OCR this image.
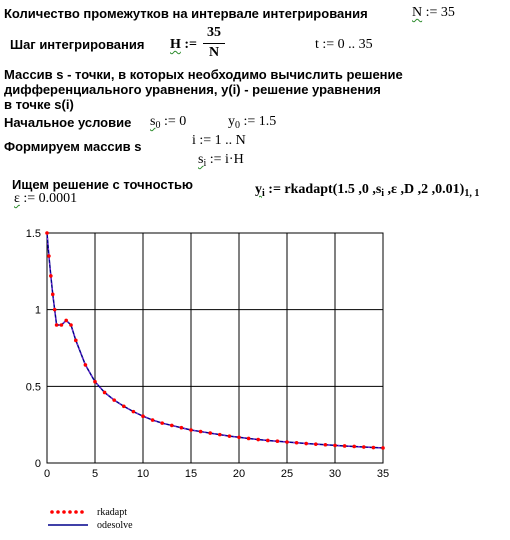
Количество промежутков на интервале интегрирования	N := 35
Шаг интегрирования H :=
35
N
t := 0 .. 35
Массив s - точки, в которых необходимо вычислить решение
дифференциального уравнения, y(i) - решение уравнения
в точке s(i)
Начальное условие $s_0$ := 0	$y_0$ := 1.5
Формируем массив s	i := 1 .. N
$s_i$ := i·H
Ищем решение с точностью
ε := 0.0001
$y_i$ := rkadapt(1.5 ,0 $,s_i$ ,ε ,D ,2 $,0.01)_{1, 1}$
0	5	10	15	20	25	30	35
0
0.5
1
1.5
rkadapt
odesolve
